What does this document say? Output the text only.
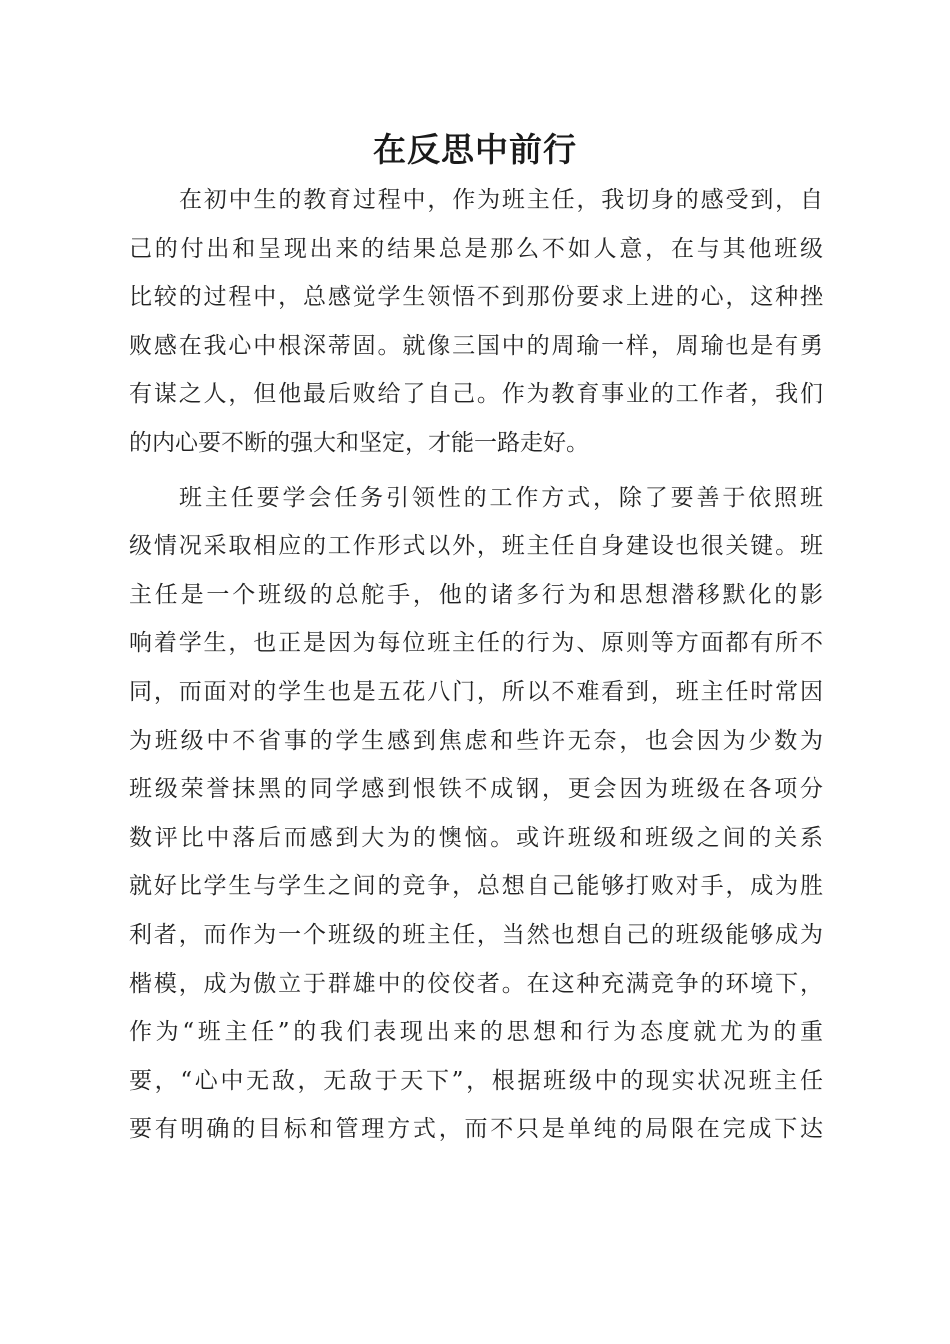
在反思中前行
在初中生的教育过程中，作为班主任，我切身的感受到，自
己的付出和呈现出来的结果总是那么不如人意，在与其他班级
比较的过程中，总感觉学生领悟不到那份要求上进的心，这种挫
败感在我心中根深蒂固。就像三国中的周瑜一样，周瑜也是有勇
有谋之人，但他最后败给了自己。作为教育事业的工作者，我们
的内心要不断的强大和坚定，才能一路走好。
班主任要学会任务引领性的工作方式，除了要善于依照班
级情况采取相应的工作形式以外，班主任自身建设也很关键。班
主任是一个班级的总舵手，他的诸多行为和思想潜移默化的影
响着学生，也正是因为每位班主任的行为、原则等方面都有所不
同，而面对的学生也是五花八门，所以不难看到，班主任时常因
为班级中不省事的学生感到焦虑和些许无奈，也会因为少数为
班级荣誉抹黑的同学感到恨铁不成钢，更会因为班级在各项分
数评比中落后而感到大为的懊恼。或许班级和班级之间的关系
就好比学生与学生之间的竞争，总想自己能够打败对手，成为胜
利者，而作为一个班级的班主任，当然也想自己的班级能够成为
楷模，成为傲立于群雄中的佼佼者。在这种充满竞争的环境下，
作为“班主任”的我们表现出来的思想和行为态度就尤为的重
要，“心中无敌，无敌于天下”，根据班级中的现实状况班主任
要有明确的目标和管理方式，而不只是单纯的局限在完成下达
